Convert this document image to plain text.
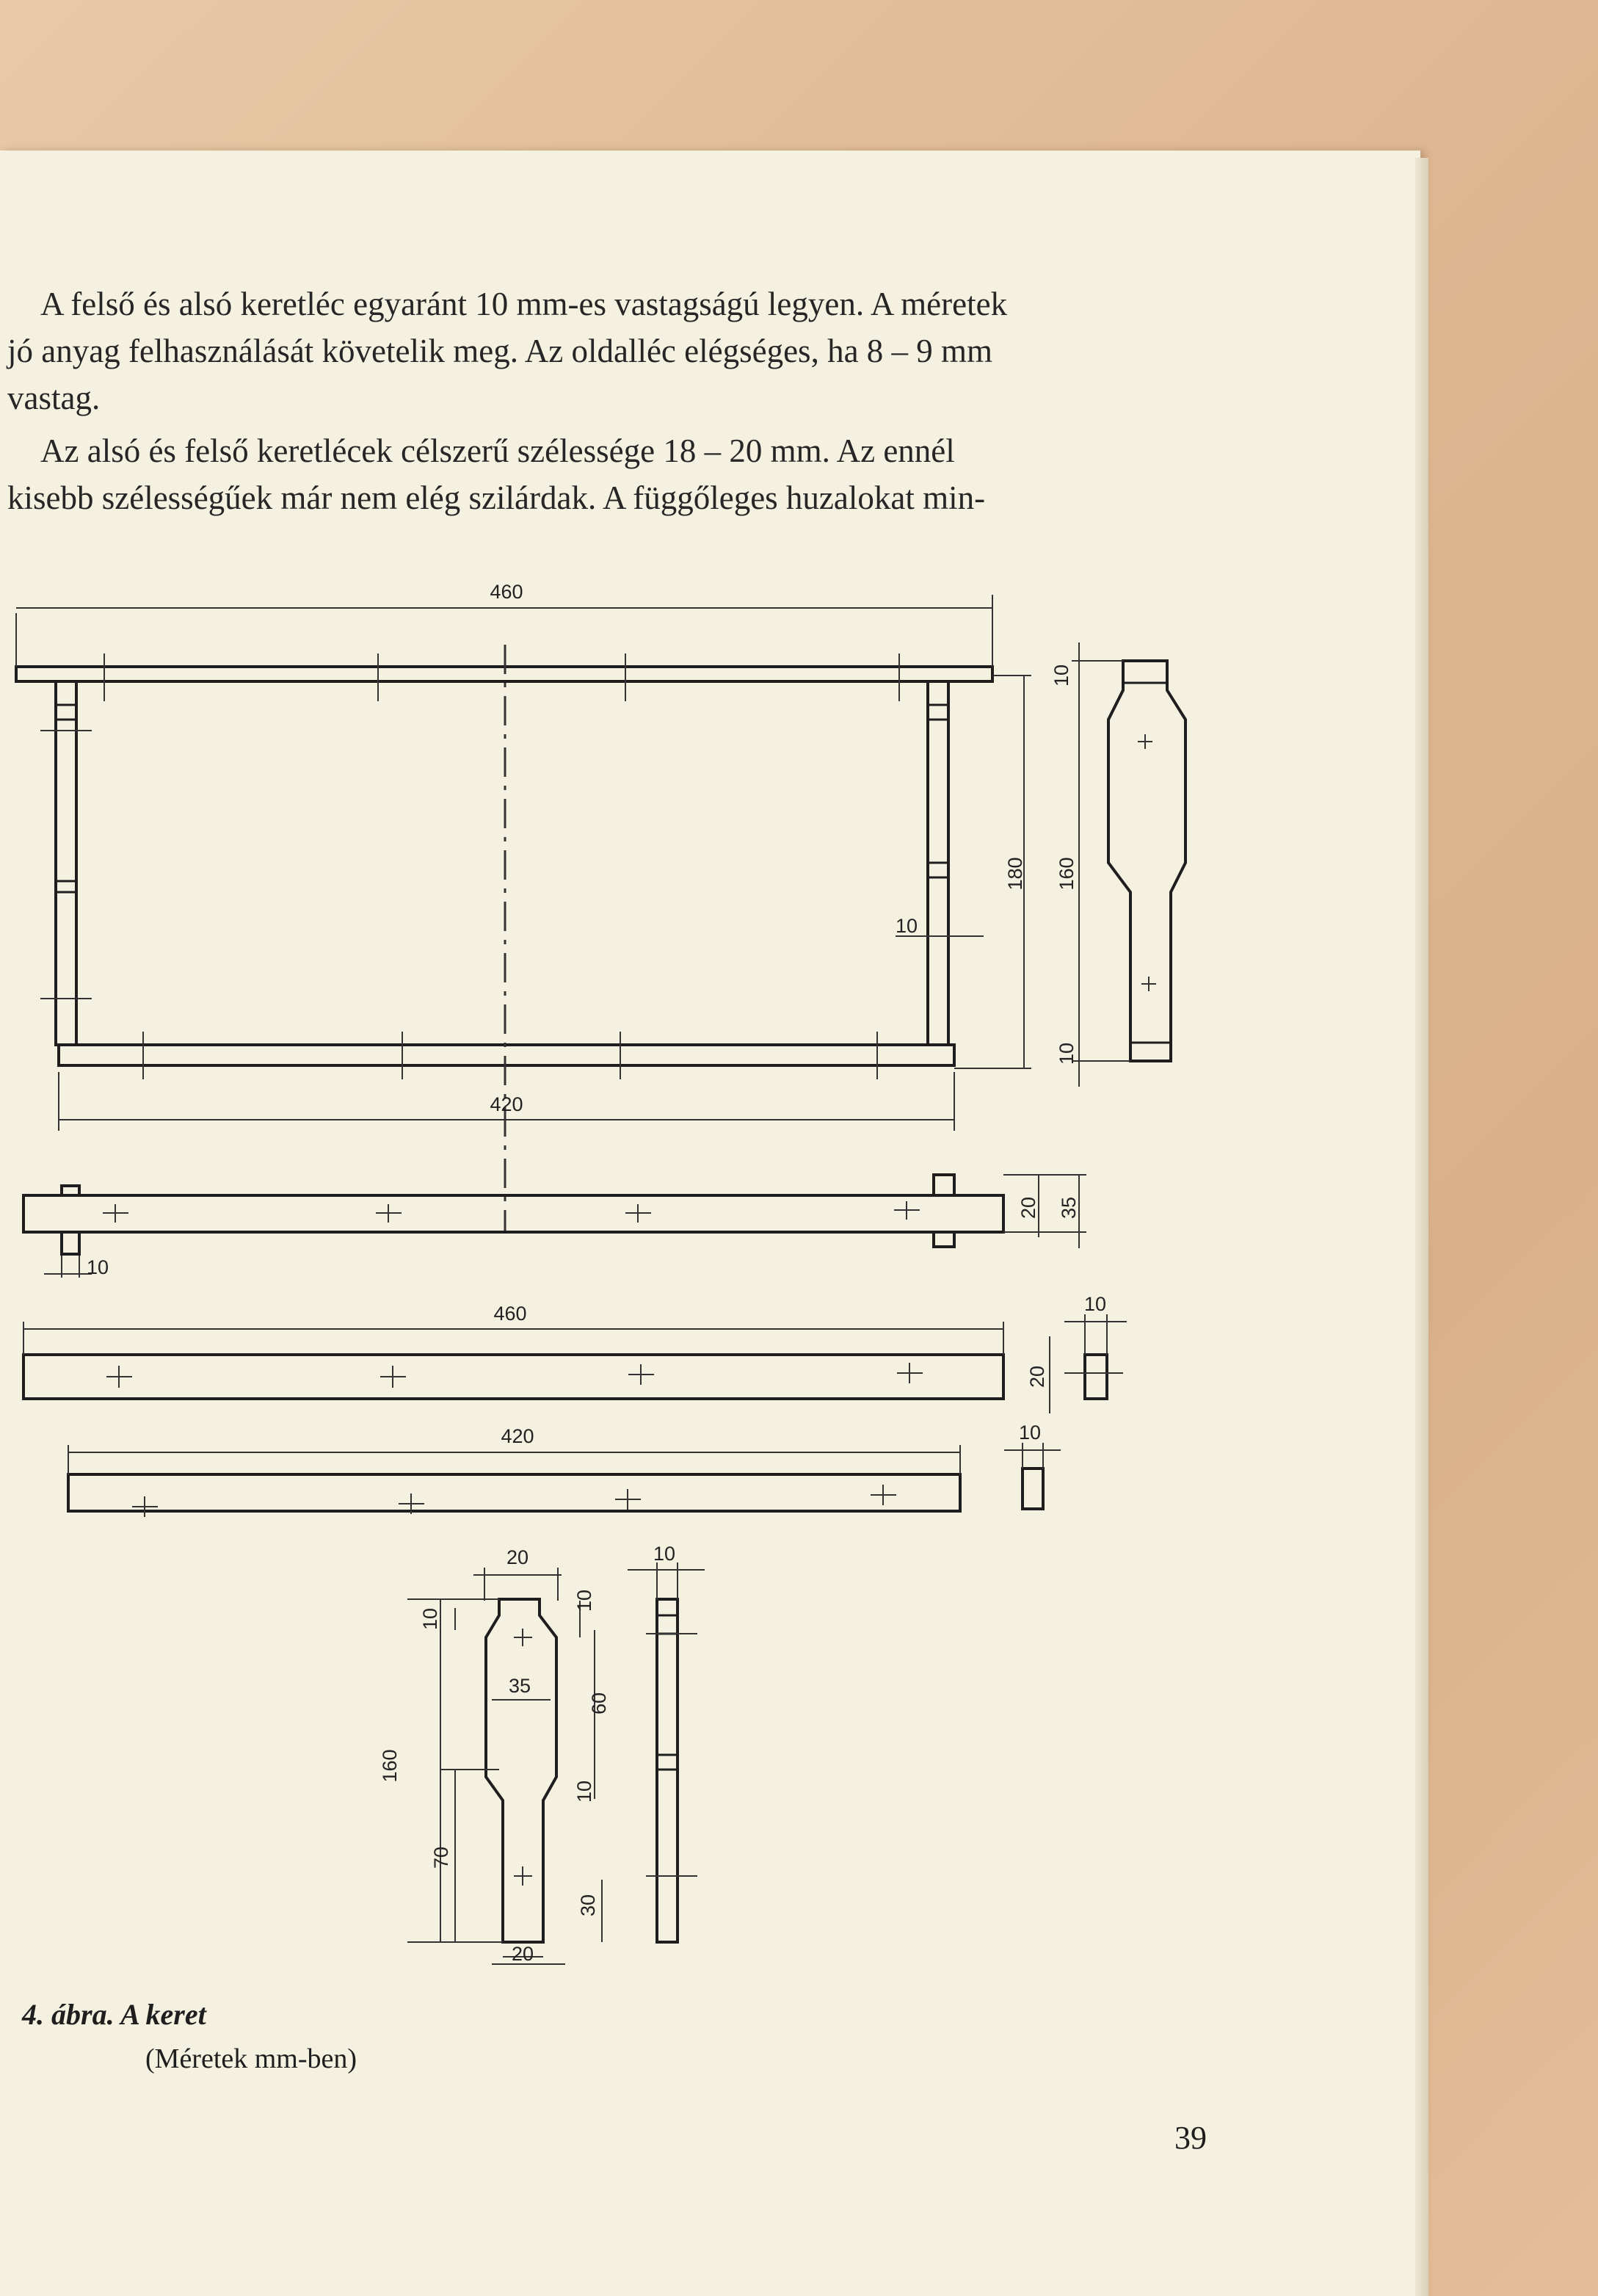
A felső és alsó keretléc egyaránt 10 mm-es vastagságú legyen. A méretek
jó anyag felhasználását követelik meg. Az oldalléc elégséges, ha 8 – 9 mm
vastag.
Az alsó és felső keretlécek célszerű szélessége 18 – 20 mm. Az ennél
kisebb szélességűek már nem elég szilárdak. A függőleges huzalokat min-
460
420
180
10
10
160
10
20 35
10
460
20
10
420	10
20
10
10
35
60
160
10
70
30
20
10
4. ábra. A keret
(Méretek mm-ben)
39
